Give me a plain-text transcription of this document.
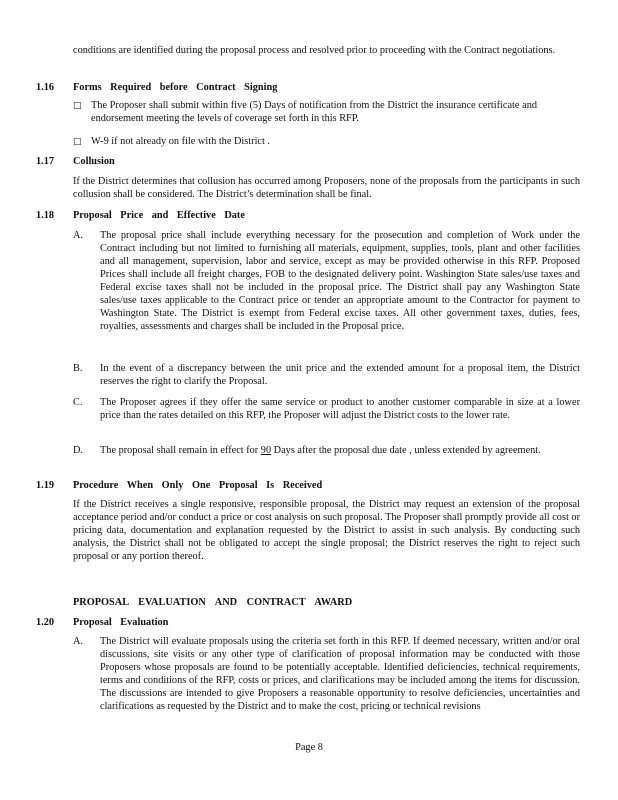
conditions are identified during the proposal process and resolved prior to proceeding with the Contract negotiations.
1.16 Forms Required before Contract Signing
□ The Proposer shall submit within five (5) Days of notification from the District the insurance certificate and endorsement meeting the levels of coverage set forth in this RFP.
□ W-9 if not already on file with the District .
1.17 Collusion
If the District determines that collusion has occurred among Proposers, none of the proposals from the participants in such collusion shall be considered. The District’s determination shall be final.
1.18 Proposal Price and Effective Date
A. The proposal price shall include everything necessary for the prosecution and completion of Work under the Contract including but not limited to furnishing all materials, equipment, supplies, tools, plant and other facilities and all management, supervision, labor and service, except as may be provided otherwise in this RFP. Proposed Prices shall include all freight charges, FOB to the designated delivery point. Washington State sales/use taxes and Federal excise taxes shall not be included in the proposal price. The District shall pay any Washington State sales/use taxes applicable to the Contract price or tender an appropriate amount to the Contractor for payment to Washington State. The District is exempt from Federal excise taxes. All other government taxes, duties, fees, royalties, assessments and charges shall be included in the Proposal price.
B. In the event of a discrepancy between the unit price and the extended amount for a proposal item, the District reserves the right to clarify the Proposal.
C. The Proposer agrees if they offer the same service or product to another customer comparable in size at a lower price than the rates detailed on this RFP, the Proposer will adjust the District costs to the lower rate.
D. The proposal shall remain in effect for 90 Days after the proposal due date , unless extended by agreement.
1.19 Procedure When Only One Proposal Is Received
If the District receives a single responsive, responsible proposal, the District may request an extension of the proposal acceptance period and/or conduct a price or cost analysis on such proposal. The Proposer shall promptly provide all cost or pricing data, documentation and explanation requested by the District to assist in such analysis. By conducting such analysis, the District shall not be obligated to accept the single proposal; the District reserves the right to reject such proposal or any portion thereof.
PROPOSAL EVALUATION AND CONTRACT AWARD
1.20 Proposal Evaluation
A. The District will evaluate proposals using the criteria set forth in this RFP. If deemed necessary, written and/or oral discussions, site visits or any other type of clarification of proposal information may be conducted with those Proposers whose proposals are found to be potentially acceptable. Identified deficiencies, technical requirements, terms and conditions of the RFP, costs or prices, and clarifications may be included among the items for discussion. The discussions are intended to give Proposers a reasonable opportunity to resolve deficiencies, uncertainties and clarifications as requested by the District and to make the cost, pricing or technical revisions
Page 8
